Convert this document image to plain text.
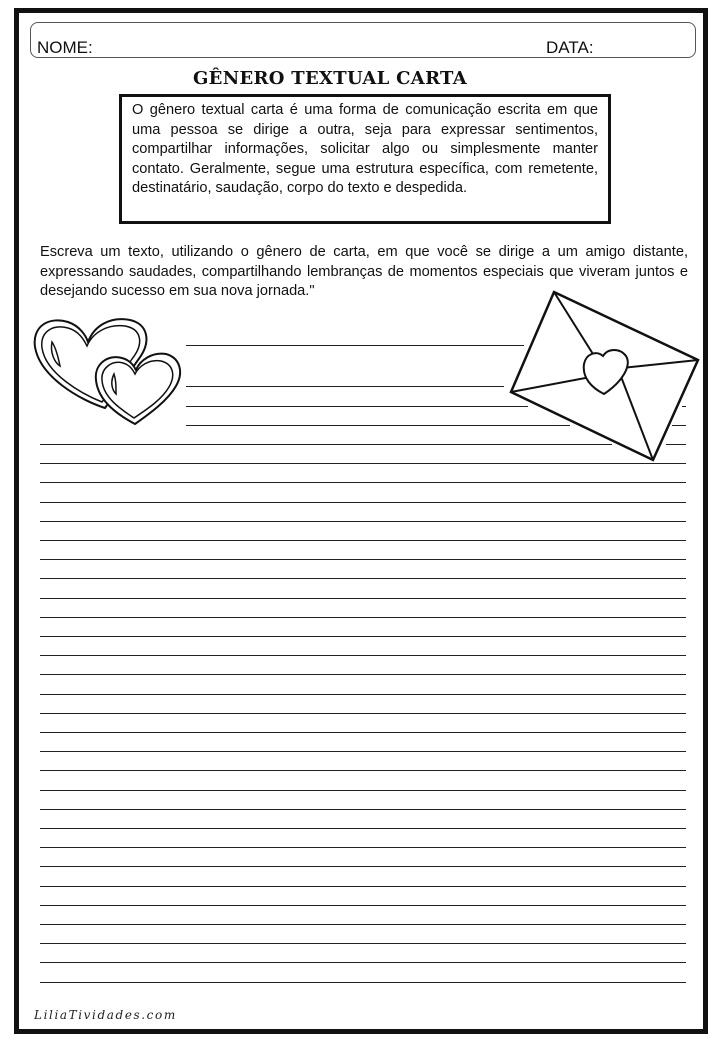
NOME:	DATA:
GÊNERO TEXTUAL CARTA

O gênero textual carta é uma forma de comunicação escrita em que uma pessoa se dirige a outra, seja para expressar sentimentos, compartilhar informações, solicitar algo ou simplesmente manter contato. Geralmente, segue uma estrutura específica, com remetente, destinatário, saudação, corpo do texto e despedida.

Escreva um texto, utilizando o gênero de carta, em que você se dirige a um amigo distante, expressando saudades, compartilhando lembranças de momentos especiais que viveram juntos e desejando sucesso em sua nova jornada."

LiliaTividades.com
